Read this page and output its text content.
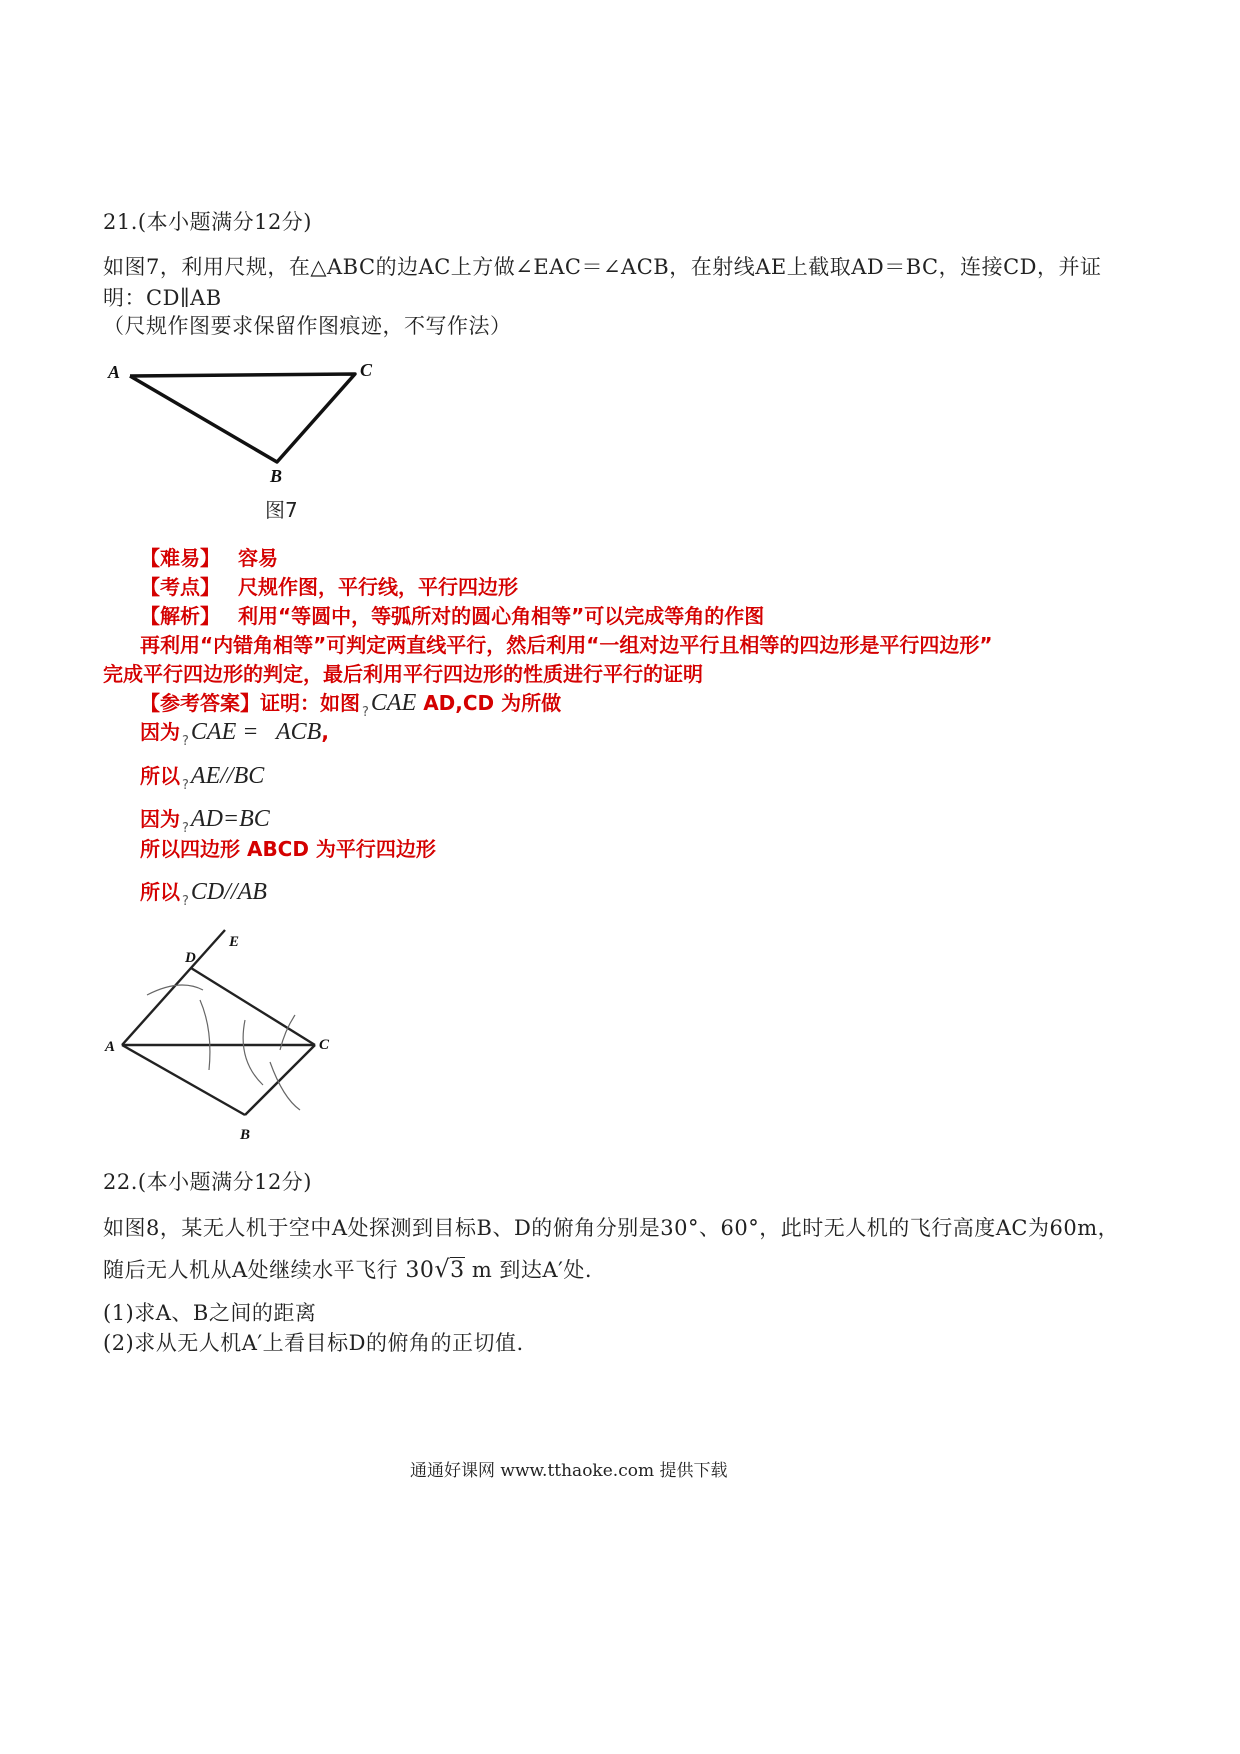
21.(本小题满分12分)
如图7，利用尺规，在△ABC的边AC上方做∠EAC＝∠ACB，在射线AE上截取AD＝BC，连接CD，并证
明：CD∥AB
（尺规作图要求保留作图痕迹，不写作法）
A	C
B
图7
【难易】 容易
【考点】 尺规作图，平行线，平行四边形
【解析】 利用“等圆中，等弧所对的圆心角相等”可以完成等角的作图
再利用“内错角相等”可判定两直线平行，然后利用“一组对边平行且相等的四边形是平行四边形”
完成平行四边形的判定，最后利用平行四边形的性质进行平行的证明
【参考答案】证明：如图 ?CAE AD,CD 为所做
因为 ?CAE =   ACB,
所以 ?AE//BC
因为 ?AD=BC
所以四边形 ABCD 为平行四边形
所以 ?CD//AB
A	C
B
D
E
22.(本小题满分12分)
如图8，某无人机于空中A处探测到目标B、D的俯角分别是30°、60°，此时无人机的飞行高度AC为60m，
随后无人机从A处继续水平飞行 30√3 m 到达A′处.
(1)求A、B之间的距离
(2)求从无人机A′上看目标D的俯角的正切值.
通通好课网 www.tthaoke.com 提供下载
